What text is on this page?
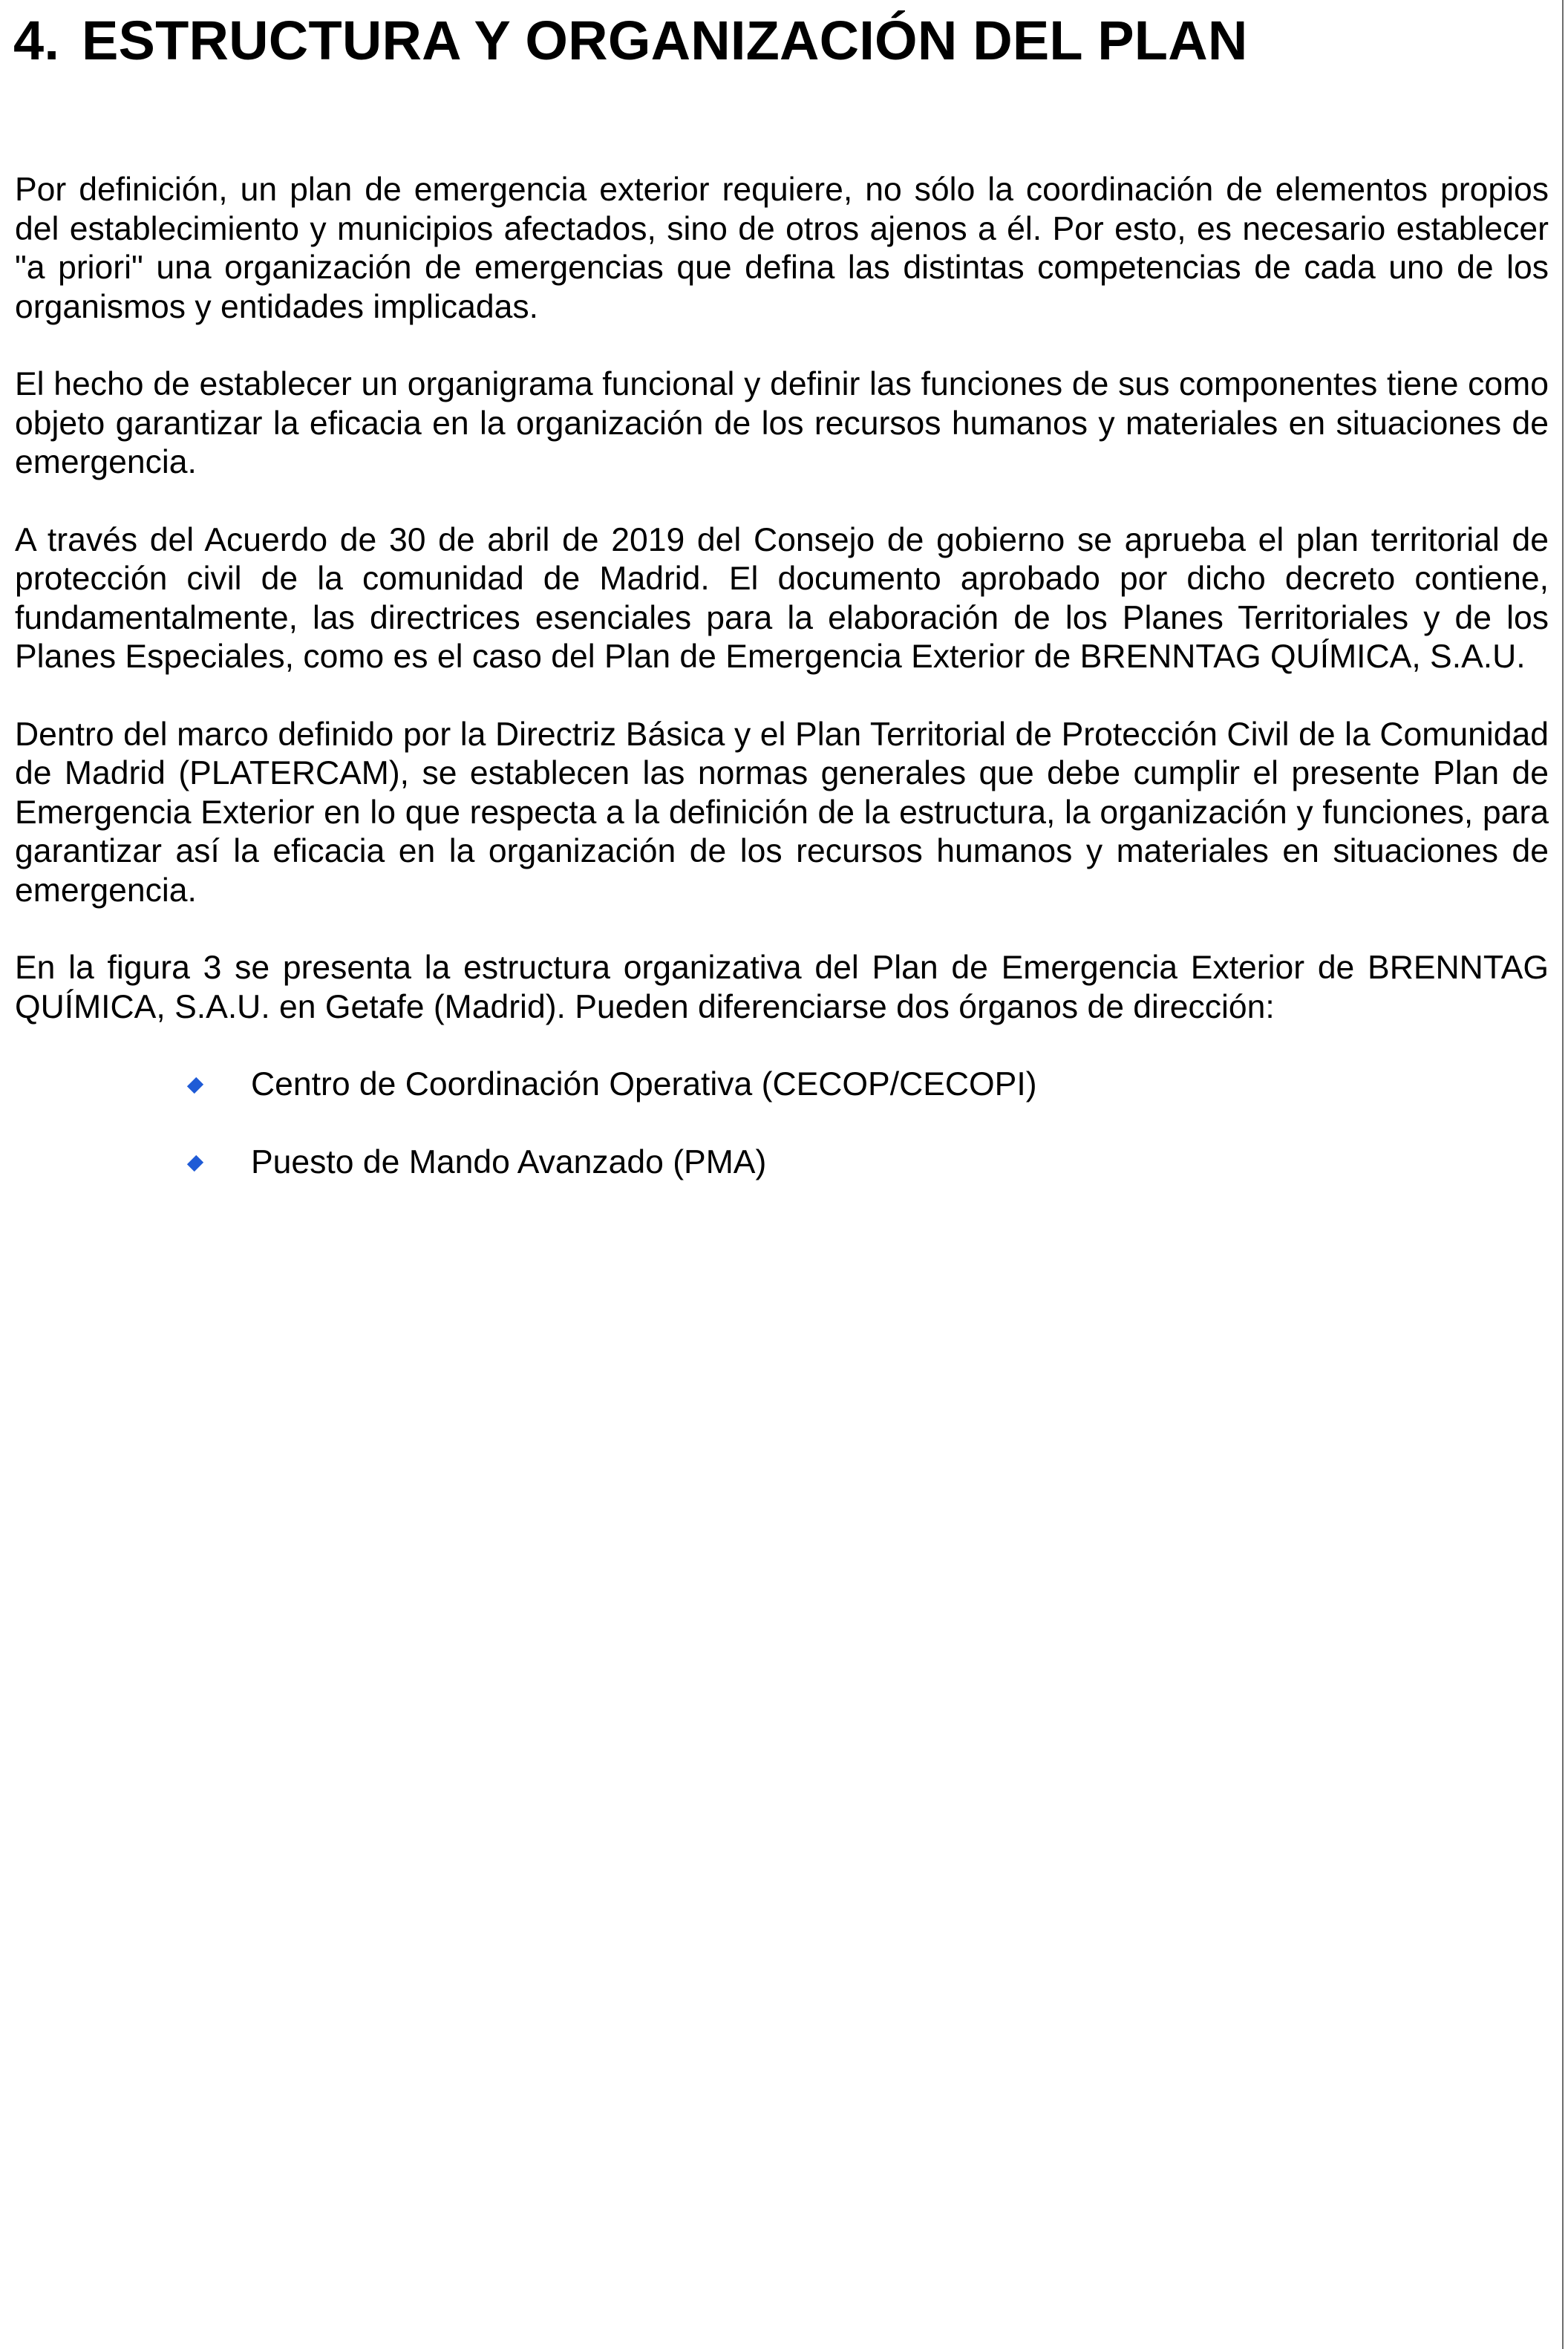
4. ESTRUCTURA Y ORGANIZACIÓN DEL PLAN

Por definición, un plan de emergencia exterior requiere, no sólo la coordinación de elementos propios del establecimiento y municipios afectados, sino de otros ajenos a él. Por esto, es necesario establecer "a priori" una organización de emergencias que defina las distintas competencias de cada uno de los organismos y entidades implicadas.

El hecho de establecer un organigrama funcional y definir las funciones de sus componentes tiene como objeto garantizar la eficacia en la organización de los recursos humanos y materiales en situaciones de emergencia.

A través del Acuerdo de 30 de abril de 2019 del Consejo de gobierno se aprueba el plan territorial de protección civil de la comunidad de Madrid. El documento aprobado por dicho decreto contiene, fundamentalmente, las directrices esenciales para la elaboración de los Planes Territoriales y de los Planes Especiales, como es el caso del Plan de Emergencia Exterior de BRENNTAG QUÍMICA, S.A.U.

Dentro del marco definido por la Directriz Básica y el Plan Territorial de Protección Civil de la Comunidad de Madrid (PLATERCAM), se establecen las normas generales que debe cumplir el presente Plan de Emergencia Exterior en lo que respecta a la definición de la estructura, la organización y funciones, para garantizar así la eficacia en la organización de los recursos humanos y materiales en situaciones de emergencia.

En la figura 3 se presenta la estructura organizativa del Plan de Emergencia Exterior de BRENNTAG QUÍMICA, S.A.U. en Getafe (Madrid). Pueden diferenciarse dos órganos de dirección:

Centro de Coordinación Operativa (CECOP/CECOPI)
Puesto de Mando Avanzado (PMA)
